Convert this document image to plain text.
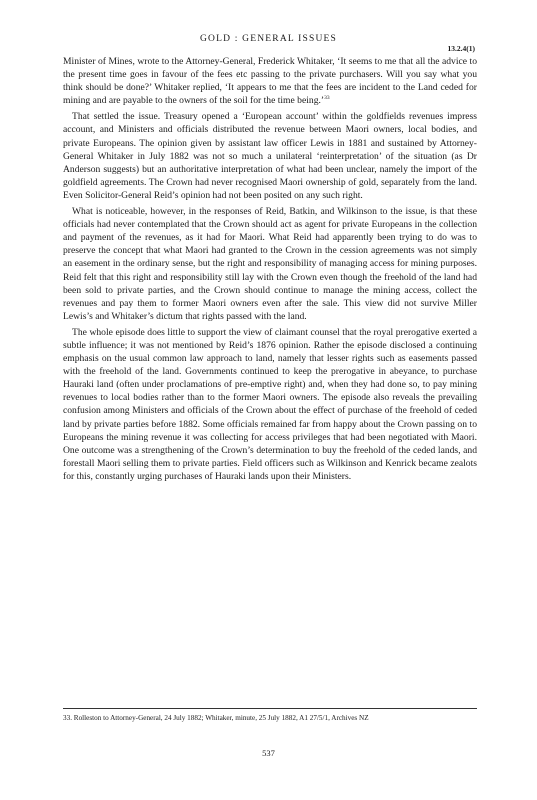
GOLD : GENERAL ISSUES
13.2.4(1)

Minister of Mines, wrote to the Attorney-General, Frederick Whitaker, ‘It seems to me that all the advice to the present time goes in favour of the fees etc passing to the private purchasers. Will you say what you think should be done?’ Whitaker replied, ‘It appears to me that the fees are incident to the Land ceded for mining and are payable to the owners of the soil for the time being.’$^{33}$

That settled the issue. Treasury opened a ‘European account’ within the goldfields revenues impress account, and Ministers and officials distributed the revenue between Maori owners, local bodies, and private Europeans. The opinion given by assistant law officer Lewis in 1881 and sustained by Attorney-General Whitaker in July 1882 was not so much a unilateral ‘reinterpretation’ of the situation (as Dr Anderson suggests) but an authoritative interpretation of what had been unclear, namely the import of the goldfield agreements. The Crown had never recognised Maori ownership of gold, separately from the land. Even Solicitor-General Reid’s opinion had not been posited on any such right.

What is noticeable, however, in the responses of Reid, Batkin, and Wilkinson to the issue, is that these officials had never contemplated that the Crown should act as agent for private Europeans in the collection and payment of the revenues, as it had for Maori. What Reid had apparently been trying to do was to preserve the concept that what Maori had granted to the Crown in the cession agreements was not simply an easement in the ordinary sense, but the right and responsibility of managing access for mining purposes. Reid felt that this right and responsibility still lay with the Crown even though the freehold of the land had been sold to private parties, and the Crown should continue to manage the mining access, collect the revenues and pay them to former Maori owners even after the sale. This view did not survive Miller Lewis’s and Whitaker’s dictum that rights passed with the land.

The whole episode does little to support the view of claimant counsel that the royal prerogative exerted a subtle influence; it was not mentioned by Reid’s 1876 opinion. Rather the episode disclosed a continuing emphasis on the usual common law approach to land, namely that lesser rights such as easements passed with the freehold of the land. Governments continued to keep the prerogative in abeyance, to purchase Hauraki land (often under proclamations of pre-emptive right) and, when they had done so, to pay mining revenues to local bodies rather than to the former Maori owners. The episode also reveals the prevailing confusion among Ministers and officials of the Crown about the effect of purchase of the freehold of ceded land by private parties before 1882. Some officials remained far from happy about the Crown passing on to Europeans the mining revenue it was collecting for access privileges that had been negotiated with Maori. One outcome was a strengthening of the Crown’s determination to buy the freehold of the ceded lands, and forestall Maori selling them to private parties. Field officers such as Wilkinson and Kenrick became zealots for this, constantly urging purchases of Hauraki lands upon their Ministers.

33. Rolleston to Attorney-General, 24 July 1882; Whitaker, minute, 25 July 1882, A1 27/5/1, Archives NZ
537
